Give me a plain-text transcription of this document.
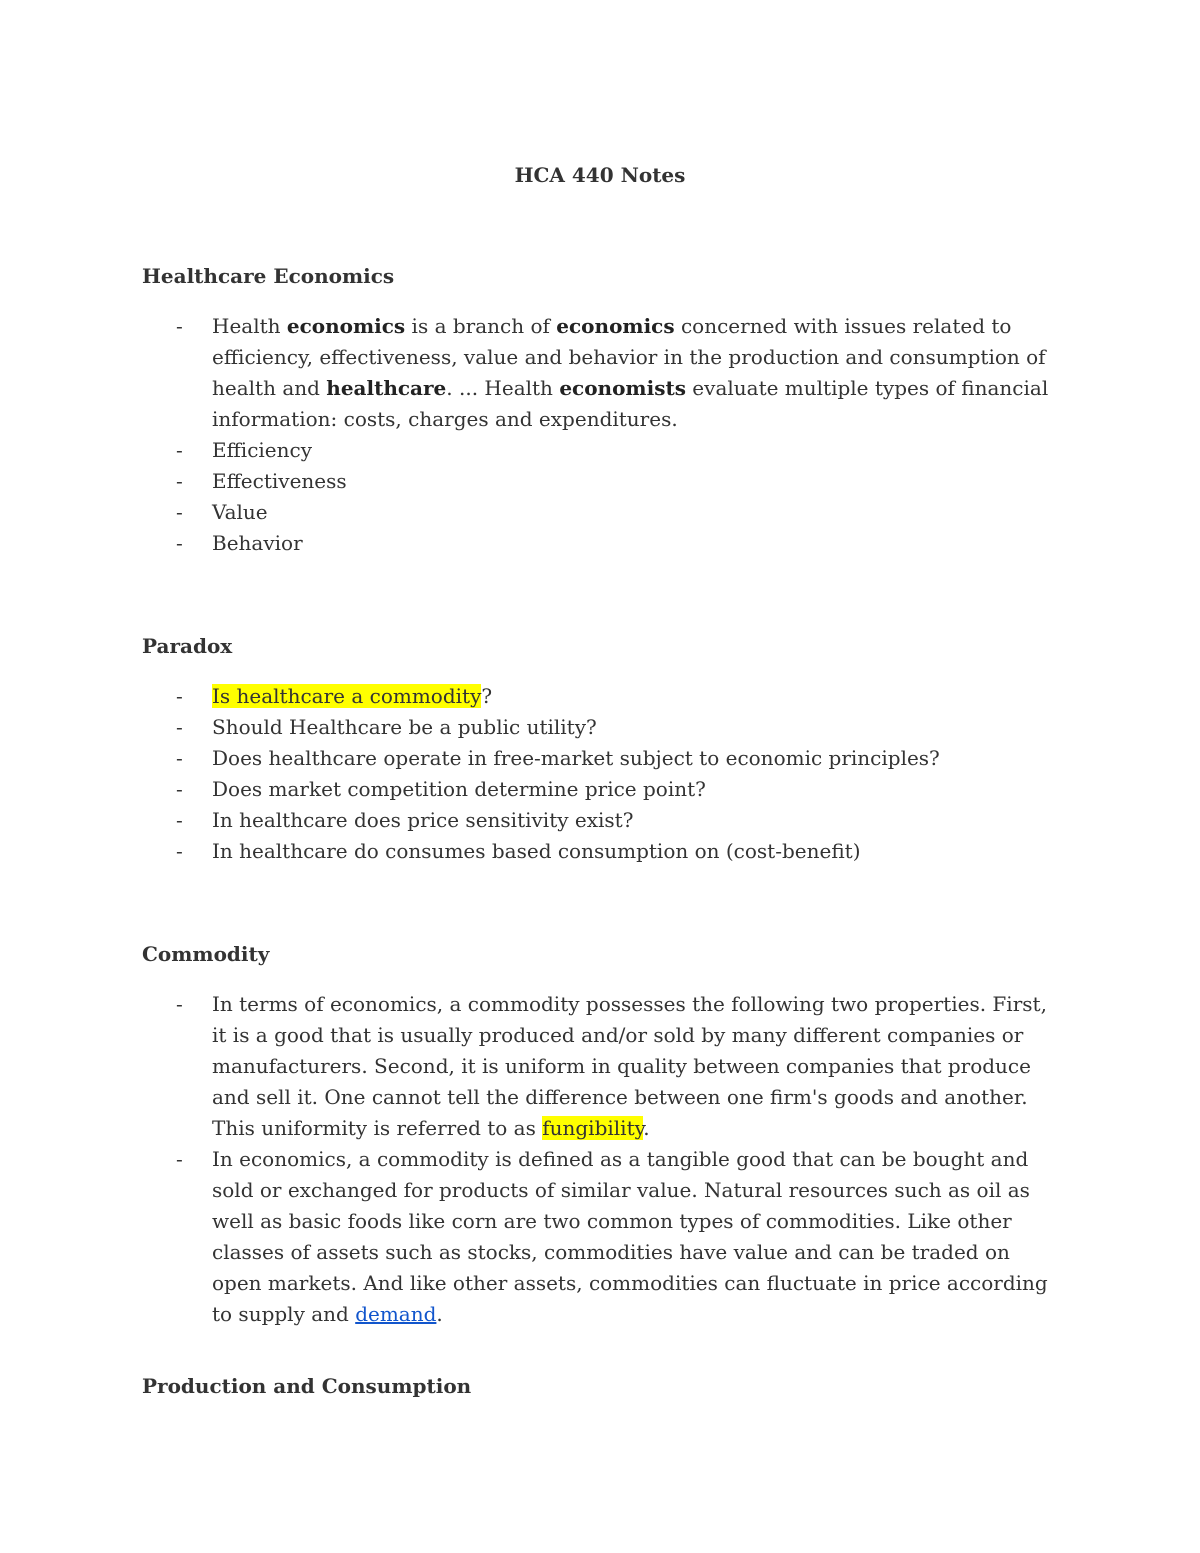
HCA 440 Notes
Healthcare Economics
- Health economics is a branch of economics concerned with issues related to efficiency, effectiveness, value and behavior in the production and consumption of health and healthcare. ... Health economists evaluate multiple types of financial information: costs, charges and expenditures.
- Efficiency
- Effectiveness
- Value
- Behavior
Paradox
- Is healthcare a commodity?
- Should Healthcare be a public utility?
- Does healthcare operate in free-market subject to economic principles?
- Does market competition determine price point?
- In healthcare does price sensitivity exist?
- In healthcare do consumes based consumption on (cost-benefit)
Commodity
- In terms of economics, a commodity possesses the following two properties. First, it is a good that is usually produced and/or sold by many different companies or manufacturers. Second, it is uniform in quality between companies that produce and sell it. One cannot tell the difference between one firm's goods and another. This uniformity is referred to as fungibility.
- In economics, a commodity is defined as a tangible good that can be bought and sold or exchanged for products of similar value. Natural resources such as oil as well as basic foods like corn are two common types of commodities. Like other classes of assets such as stocks, commodities have value and can be traded on open markets. And like other assets, commodities can fluctuate in price according to supply and demand.
Production and Consumption
